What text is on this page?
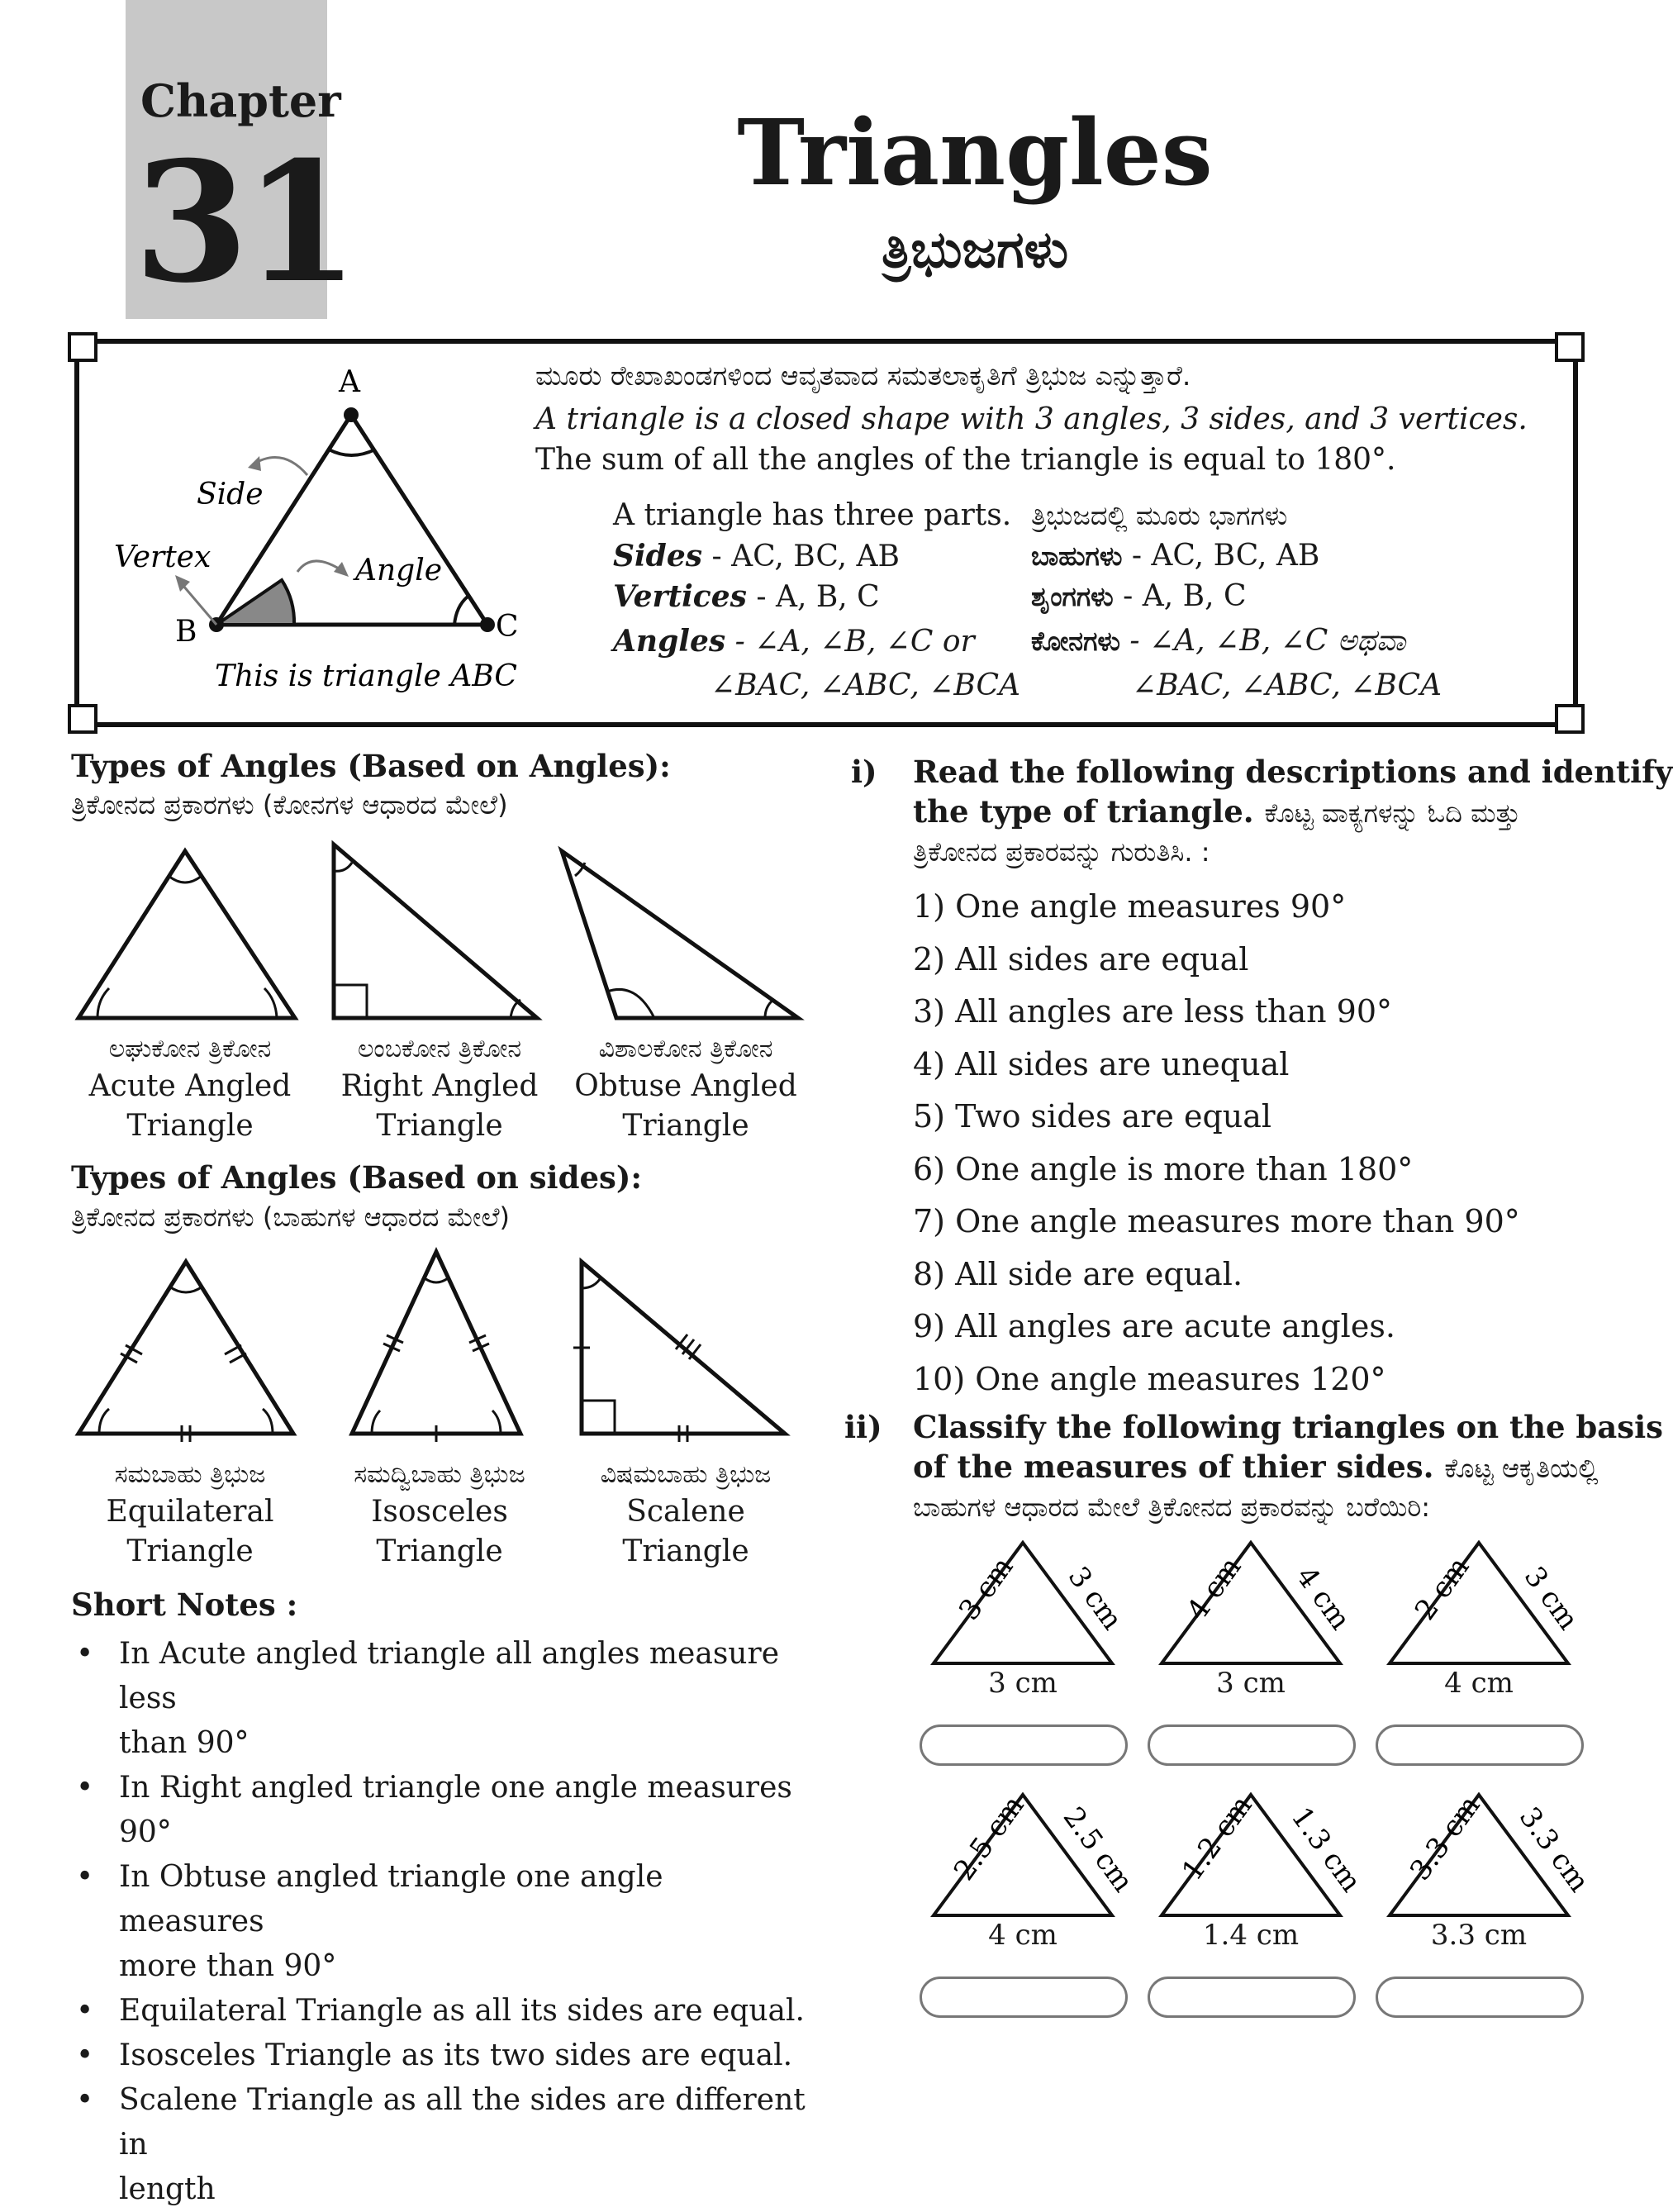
Chapter
31	Triangles
ತ್ರಿಭುಜಗಳು
A
B	C
Side
Vertex	Angle
This is triangle ABC
ಮೂರು ರೇಖಾಖಂಡಗಳಿಂದ ಆವೃತವಾದ ಸಮತಲಾಕೃತಿಗೆ ತ್ರಿಭುಜ ಎನ್ನುತ್ತಾರೆ.
A triangle is a closed shape with 3 angles, 3 sides, and 3 vertices.
The sum of all the angles of the triangle is equal to 180°.
A triangle has three parts.
Sides - AC, BC, AB
Vertices - A, B, C
Angles - ∠A, ∠B, ∠C or
∠BAC, ∠ABC, ∠BCA
ತ್ರಿಭುಜದಲ್ಲಿ ಮೂರು ಭಾಗಗಳು
ಬಾಹುಗಳು - AC, BC, AB
ಶೃಂಗಗಳು - A, B, C
ಕೋನಗಳು - ∠A, ∠B, ∠C ಅಥವಾ
∠BAC, ∠ABC, ∠BCA
Types of Angles (Based on Angles):
ತ್ರಿಕೋನದ ಪ್ರಕಾರಗಳು (ಕೋನಗಳ ಆಧಾರದ ಮೇಲೆ)
ಲಘುಕೋನ ತ್ರಿಕೋನ
Acute Angled
Triangle
ಲಂಬಕೋನ ತ್ರಿಕೋನ
Right Angled
Triangle
ವಿಶಾಲಕೋನ ತ್ರಿಕೋನ
Obtuse Angled
Triangle
Types of Angles (Based on sides):
ತ್ರಿಕೋನದ ಪ್ರಕಾರಗಳು (ಬಾಹುಗಳ ಆಧಾರದ ಮೇಲೆ)
ಸಮಬಾಹು ತ್ರಿಭುಜ
Equilateral
Triangle
ಸಮದ್ವಿಬಾಹು ತ್ರಿಭುಜ
Isosceles
Triangle
ವಿಷಮಬಾಹು ತ್ರಿಭುಜ
Scalene
Triangle
Short Notes :
• In Acute angled triangle all angles measure less
than 90°
• In Right angled triangle one angle measures 90°
• In Obtuse angled triangle one angle measures
more than 90°
• Equilateral Triangle as all its sides are equal.
• Isosceles Triangle as its two sides are equal.
• Scalene Triangle as all the sides are different in
length
i) Read the following descriptions and identify
the type of triangle. ಕೊಟ್ಟ ವಾಕ್ಯಗಳನ್ನು ಓದಿ ಮತ್ತು
ತ್ರಿಕೋನದ ಪ್ರಕಾರವನ್ನು ಗುರುತಿಸಿ. :
1) One angle measures 90°
2) All sides are equal
3) All angles are less than 90°
4) All sides are unequal
5) Two sides are equal
6) One angle is more than 180°
7) One angle measures more than 90°
8) All side are equal.
9) All angles are acute angles.
10) One angle measures 120°
ii) Classify the following triangles on the basis
of the measures of thier sides. ಕೊಟ್ಟ ಆಕೃತಿಯಲ್ಲಿ
ಬಾಹುಗಳ ಆಧಾರದ ಮೇಲೆ ತ್ರಿಕೋನದ ಪ್ರಕಾರವನ್ನು ಬರೆಯಿರಿ:
3 cm 3 cm 4 cm 4 cm 2 cm 3 cm
3 cm	3 cm	4 cm
2.5 cm 2.5 cm 1.2 cm 1.3 cm 3.3 cm 3.3 cm
4 cm	1.4 cm	3.3 cm
